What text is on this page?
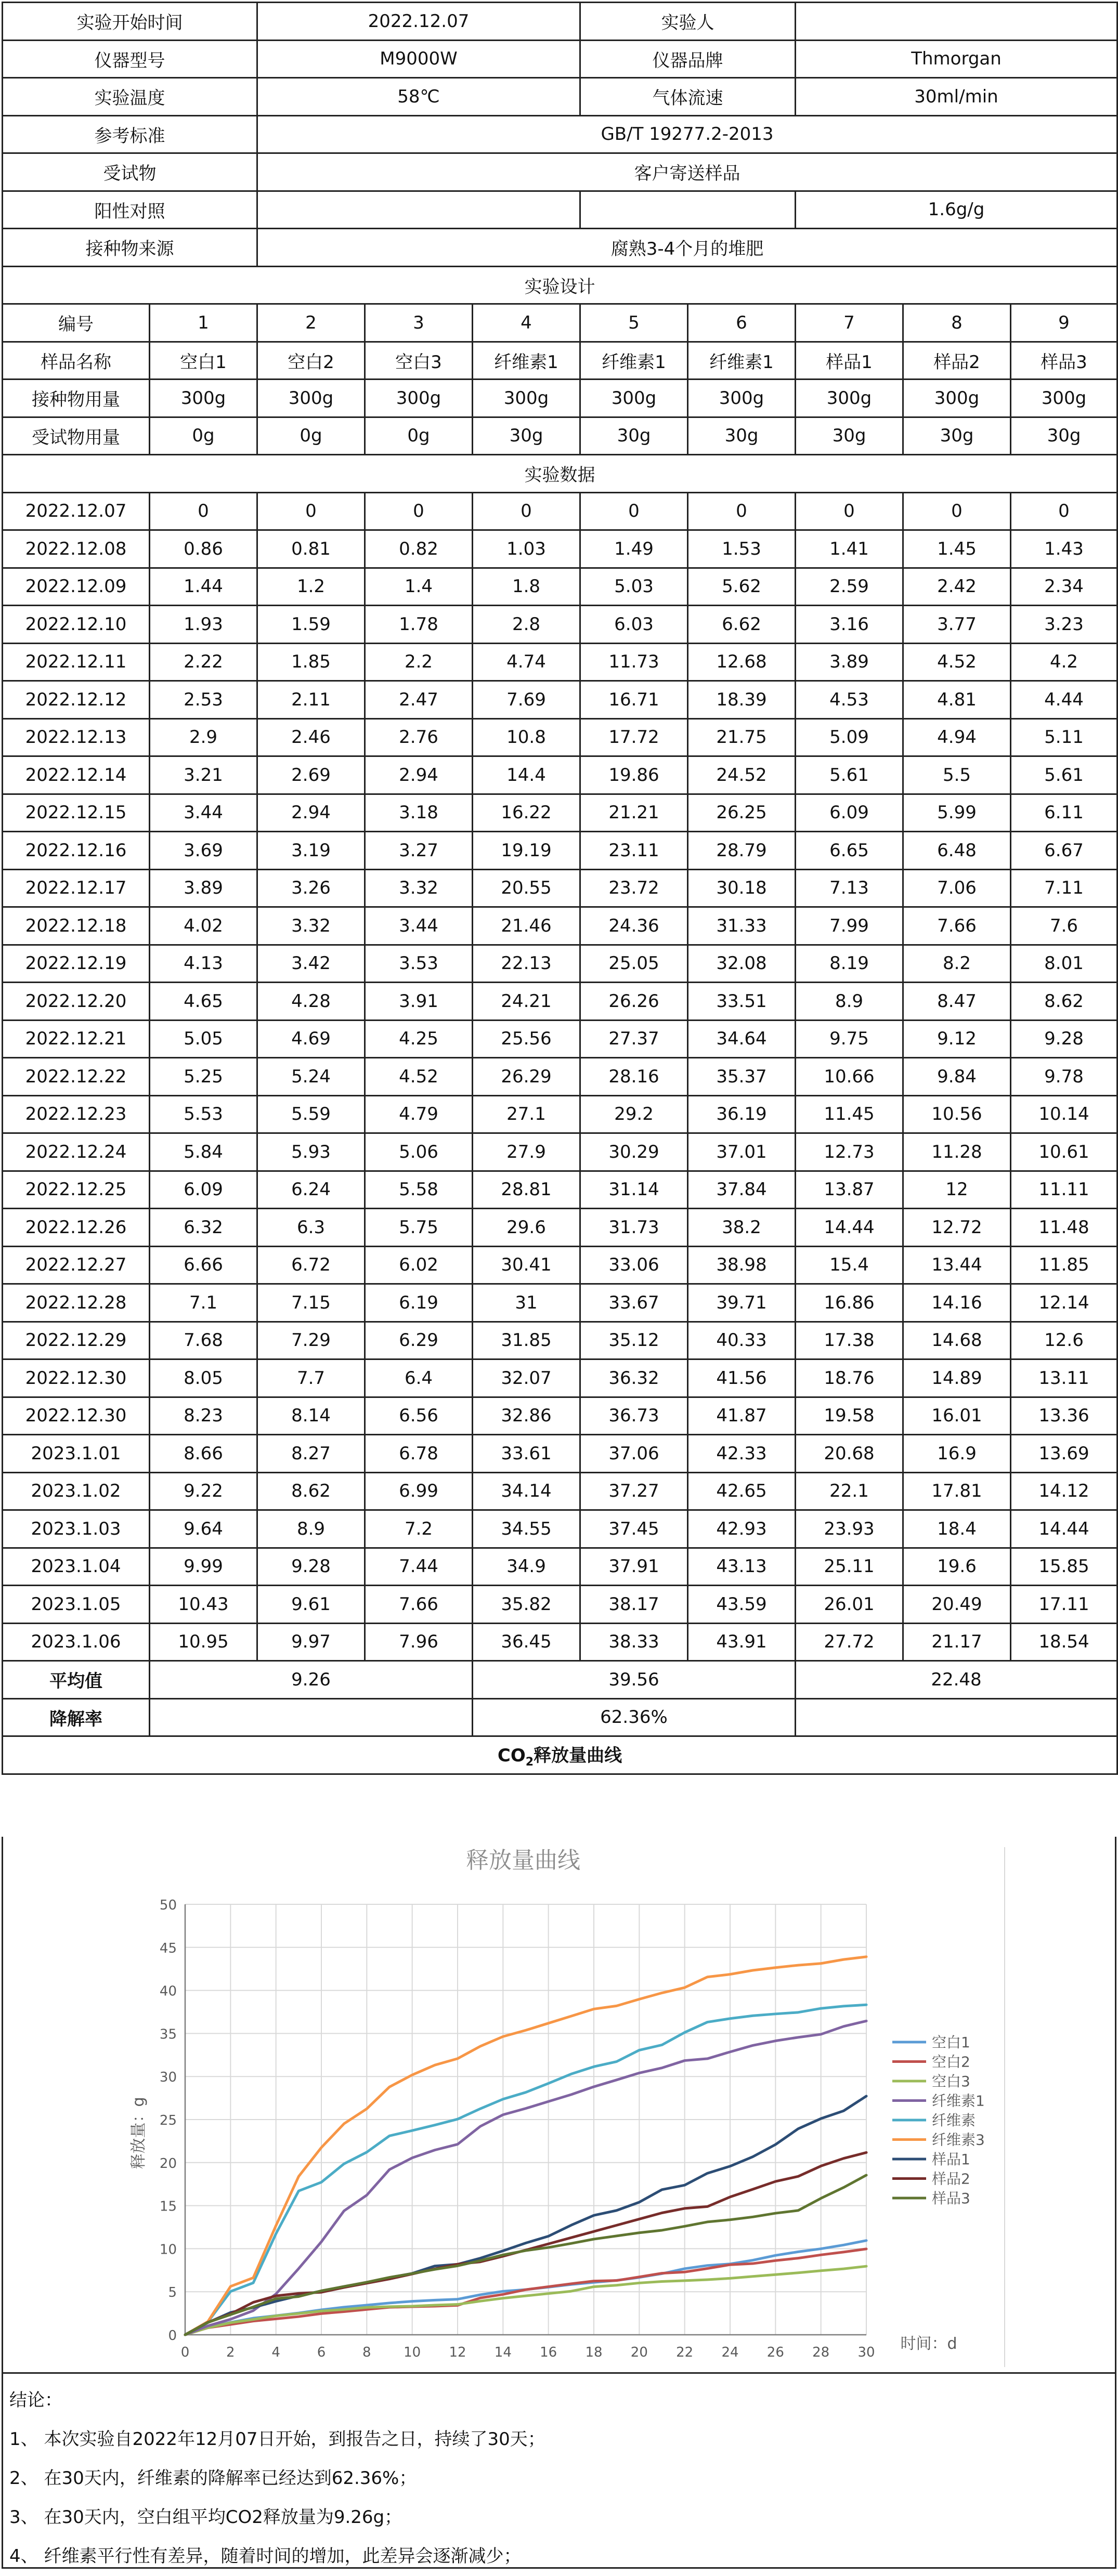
实验开始时间		2022.12.07			实验人				
仪器型号		M9000W			仪器品牌		Thmorgan		
实验温度		58℃			气体流速		30ml/min		
参考标准		GB/T 19277.2-2013							
受试物		客户寄送样品							
阳性对照							1.6g/g		
接种物来源		腐熟3-4个月的堆肥							
实验设计									
编号	1	2	3	4	5	6	7	8	9
样品名称	空白1	空白2	空白3	纤维素1	纤维素1	纤维素1	样品1	样品2	样品3
接种物用量	300g	300g	300g	300g	300g	300g	300g	300g	300g
受试物用量	0g	0g	0g	30g	30g	30g	30g	30g	30g
实验数据									
2022.12.07	0	0	0	0	0	0	0	0	0
2022.12.08	0.86	0.81	0.82	1.03	1.49	1.53	1.41	1.45	1.43
2022.12.09	1.44	1.2	1.4	1.8	5.03	5.62	2.59	2.42	2.34
2022.12.10	1.93	1.59	1.78	2.8	6.03	6.62	3.16	3.77	3.23
2022.12.11	2.22	1.85	2.2	4.74	11.73	12.68	3.89	4.52	4.2
2022.12.12	2.53	2.11	2.47	7.69	16.71	18.39	4.53	4.81	4.44
2022.12.13	2.9	2.46	2.76	10.8	17.72	21.75	5.09	4.94	5.11
2022.12.14	3.21	2.69	2.94	14.4	19.86	24.52	5.61	5.5	5.61
2022.12.15	3.44	2.94	3.18	16.22	21.21	26.25	6.09	5.99	6.11
2022.12.16	3.69	3.19	3.27	19.19	23.11	28.79	6.65	6.48	6.67
2022.12.17	3.89	3.26	3.32	20.55	23.72	30.18	7.13	7.06	7.11
2022.12.18	4.02	3.32	3.44	21.46	24.36	31.33	7.99	7.66	7.6
2022.12.19	4.13	3.42	3.53	22.13	25.05	32.08	8.19	8.2	8.01
2022.12.20	4.65	4.28	3.91	24.21	26.26	33.51	8.9	8.47	8.62
2022.12.21	5.05	4.69	4.25	25.56	27.37	34.64	9.75	9.12	9.28
2022.12.22	5.25	5.24	4.52	26.29	28.16	35.37	10.66	9.84	9.78
2022.12.23	5.53	5.59	4.79	27.1	29.2	36.19	11.45	10.56	10.14
2022.12.24	5.84	5.93	5.06	27.9	30.29	37.01	12.73	11.28	10.61
2022.12.25	6.09	6.24	5.58	28.81	31.14	37.84	13.87	12	11.11
2022.12.26	6.32	6.3	5.75	29.6	31.73	38.2	14.44	12.72	11.48
2022.12.27	6.66	6.72	6.02	30.41	33.06	38.98	15.4	13.44	11.85
2022.12.28	7.1	7.15	6.19	31	33.67	39.71	16.86	14.16	12.14
2022.12.29	7.68	7.29	6.29	31.85	35.12	40.33	17.38	14.68	12.6
2022.12.30	8.05	7.7	6.4	32.07	36.32	41.56	18.76	14.89	13.11
2022.12.30	8.23	8.14	6.56	32.86	36.73	41.87	19.58	16.01	13.36
2023.1.01	8.66	8.27	6.78	33.61	37.06	42.33	20.68	16.9	13.69
2023.1.02	9.22	8.62	6.99	34.14	37.27	42.65	22.1	17.81	14.12
2023.1.03	9.64	8.9	7.2	34.55	37.45	42.93	23.93	18.4	14.44
2023.1.04	9.99	9.28	7.44	34.9	37.91	43.13	25.11	19.6	15.85
2023.1.05	10.43	9.61	7.66	35.82	38.17	43.59	26.01	20.49	17.11
2023.1.06	10.95	9.97	7.96	36.45	38.33	43.91	27.72	21.17	18.54
平均值	9.26			39.56			22.48		
降解率				62.36%					
$CO_2$释放量曲线									
释放量曲线
0
5
10
15
20
25
30
35
40
45
50
0	2	4	6	8 10 12 14 16 18 20 22 24 26 28 30
空白1
空白2
空白3
纤维素1
纤维素
纤维素3
样品1
样品2
样品3
释放量：g
时间：d
结论：
1、 本次实验自2022年12月07日开始，到报告之日，持续了30天；
2、 在30天内，纤维素的降解率已经达到62.36%；
3、 在30天内，空白组平均CO2释放量为9.26g；
4、 纤维素平行性有差异，随着时间的增加，此差异会逐渐减少；
